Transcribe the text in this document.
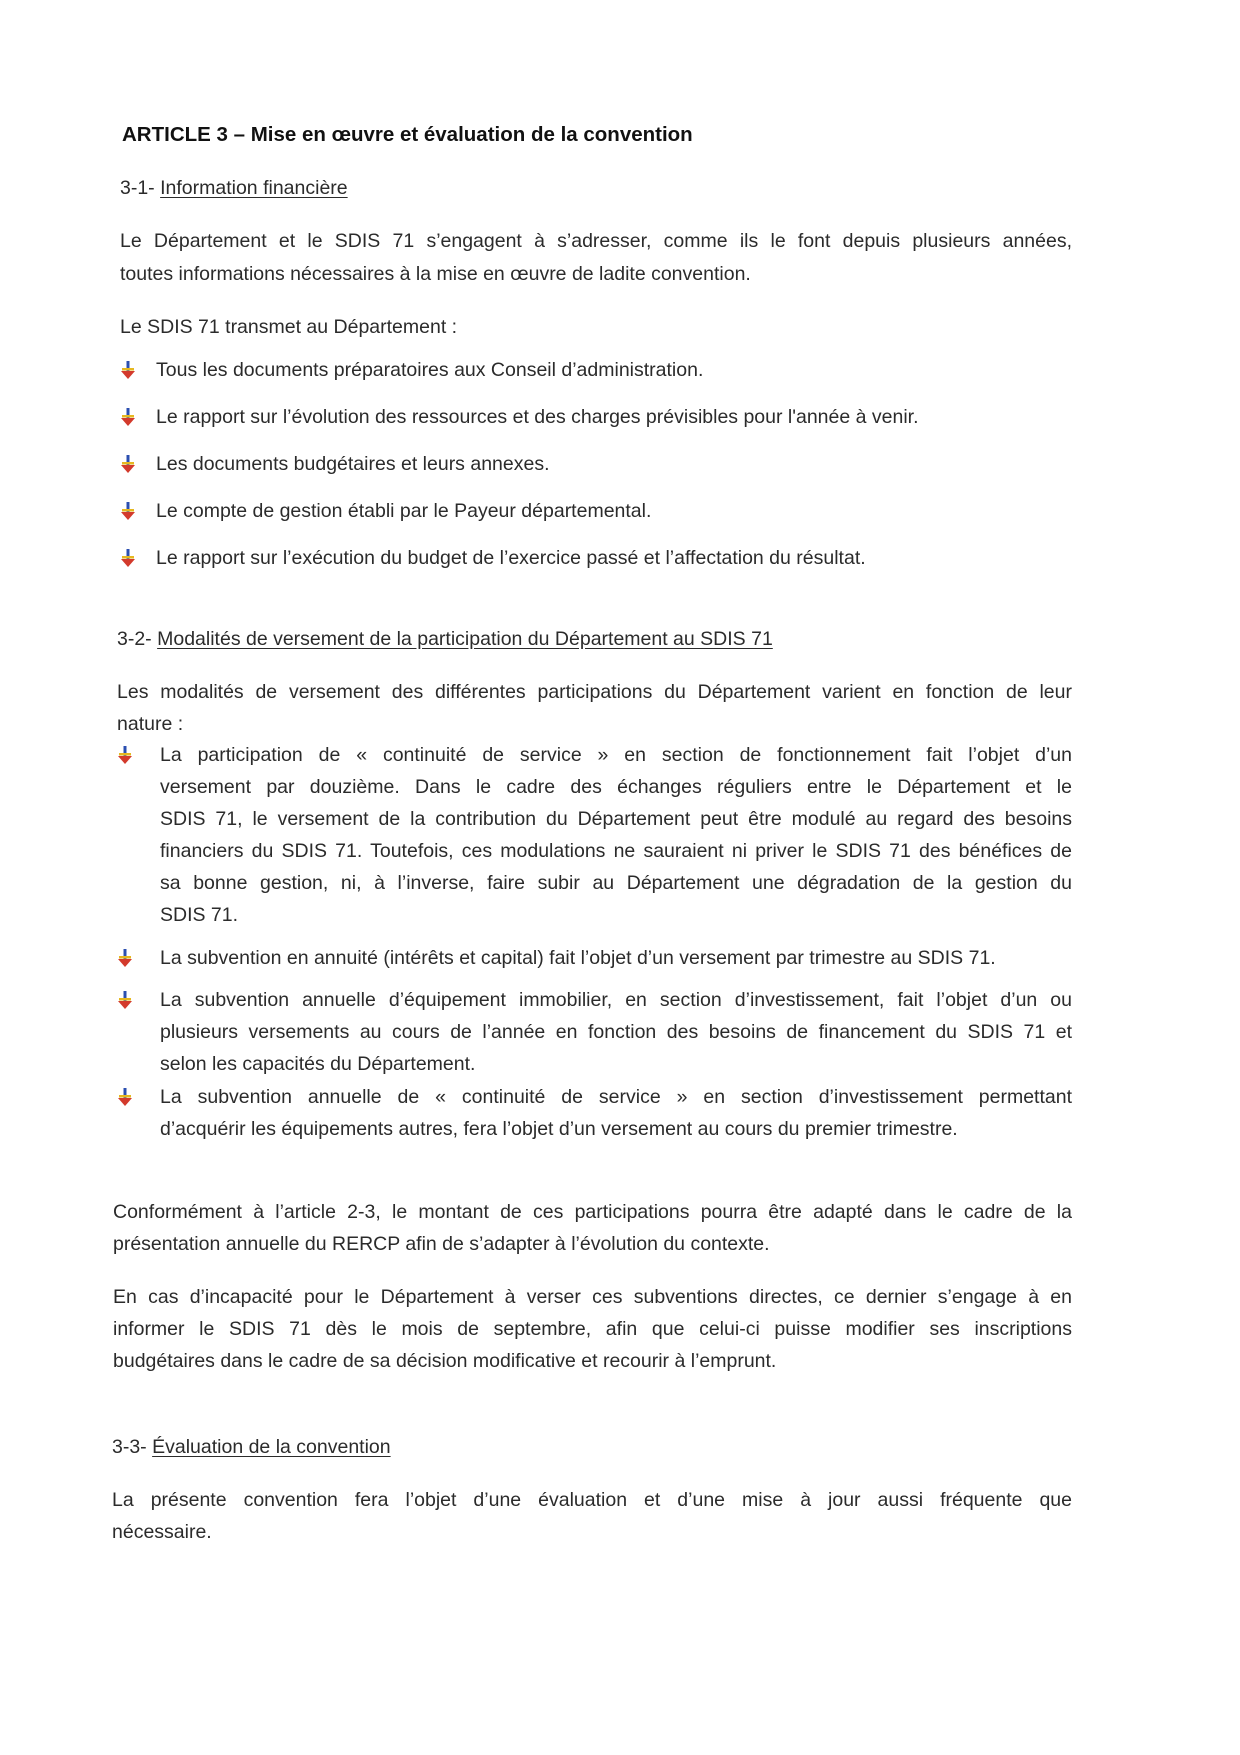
ARTICLE 3 – Mise en œuvre et évaluation de la convention
3-1- Information financière
Le Département et le SDIS 71 s’engagent à s’adresser, comme ils le font depuis plusieurs années,
toutes informations nécessaires à la mise en œuvre de ladite convention.
Le SDIS 71 transmet au Département :
Tous les documents préparatoires aux Conseil d’administration.
Le rapport sur l’évolution des ressources et des charges prévisibles pour l'année à venir.
Les documents budgétaires et leurs annexes.
Le compte de gestion établi par le Payeur départemental.
Le rapport sur l’exécution du budget de l’exercice passé et l’affectation du résultat.
3-2- Modalités de versement de la participation du Département au SDIS 71
Les modalités de versement des différentes participations du Département varient en fonction de leur
nature :
La participation de « continuité de service » en section de fonctionnement fait l’objet d’un
versement par douzième. Dans le cadre des échanges réguliers entre le Département et le
SDIS 71, le versement de la contribution du Département peut être modulé au regard des besoins
financiers du SDIS 71. Toutefois, ces modulations ne sauraient ni priver le SDIS 71 des bénéfices de
sa bonne gestion, ni, à l’inverse, faire subir au Département une dégradation de la gestion du
SDIS 71.
La subvention en annuité (intérêts et capital) fait l’objet d’un versement par trimestre au SDIS 71.
La subvention annuelle d’équipement immobilier, en section d’investissement, fait l’objet d’un ou
plusieurs versements au cours de l’année en fonction des besoins de financement du SDIS 71 et
selon les capacités du Département.
La subvention annuelle de « continuité de service » en section d’investissement permettant
d’acquérir les équipements autres, fera l’objet d’un versement au cours du premier trimestre.
Conformément à l’article 2-3, le montant de ces participations pourra être adapté dans le cadre de la
présentation annuelle du RERCP afin de s’adapter à l’évolution du contexte.
En cas d’incapacité pour le Département à verser ces subventions directes, ce dernier s’engage à en
informer le SDIS 71 dès le mois de septembre, afin que celui-ci puisse modifier ses inscriptions
budgétaires dans le cadre de sa décision modificative et recourir à l’emprunt.
3-3- Évaluation de la convention
La présente convention fera l’objet d’une évaluation et d’une mise à jour aussi fréquente que
nécessaire.
